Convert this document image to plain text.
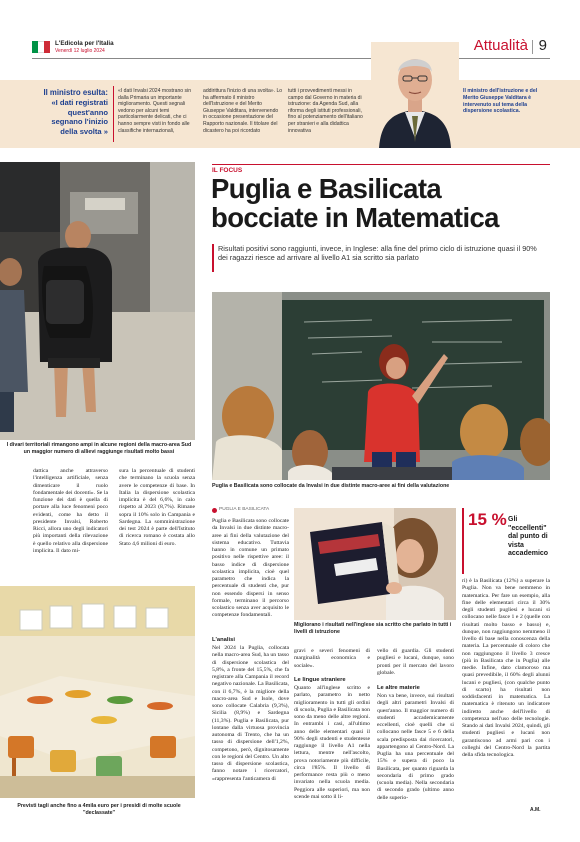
L'Edicola per l'Italia
Venerdì 12 luglio 2024	Attualità 9
Il ministro esulta:
«I dati registrati quest'anno segnano l'inizio della svolta »
«I dati Invalsi 2024 mostrano sin dalla Primaria un importante miglioramento. Questi segnali vedono per alcuni temi particolarmente delicati, che ci hanno sempre visti in fondo alle classifiche internazionali,
addirittura l'inizio di una svolta». Lo ha affermato il ministro dell'Istruzione e del Merito Giuseppe Valditara, intervenendo in occasione presentazione del Rapporto nazionale. Il titolare del dicastero ha poi ricordato
tutti i provvedimenti messi in campo dal Governo in materia di istruzione: da Agenda Sud, alla riforma degli istituti professionali, fino al potenziamento dell'italiano per stranieri e alla didattica innovativa
Il ministro dell'istruzione e del Merito Giuseppe Valditara è intervenuto sul tema della dispersione scolastica.
I divari territoriali rimangono ampi in alcune regioni della macro-area Sud un maggior numero di allievi raggiunge risultati molto bassi
IL FOCUS
Puglia e Basilicata
bocciate in Matematica
Risultati positivi sono raggiunti, invece, in Inglese: alla fine del primo ciclo di istruzione quasi il 90% dei ragazzi riesce ad arrivare al livello A1 sia scritto sia parlato
Puglia e Basilicata sono collocate da Invalsi in due distinte macro-aree ai fini della valutazione
dattica anche attraverso l'intelligenza artificiale, senza dimenticare il ruolo fondamentale dei docenti». Se la funzione dei dati è quella di portare alla luce fenomeni poco evidenti, come ha detto il presidente Invalsi, Roberto Ricci, allora uno degli indicatori più importanti della rilevazione è quello relativo alla dispersione implicita. Il dato mi-
sura la percentuale di studenti che terminano la scuola senza avere le competenze di base. In Italia la dispersione scolastica implicita è del 6,6%, in calo rispetto al 2023 (8,7%). Rimane sopra il 10% solo in Campania e Sardegna. La somministrazione dei test 2024 è parte dell'Istituto di ricerca romano è costata allo Stato 4,6 milioni di euro.
Previsti tagli anche fino a 4mila euro per i presidi di molte scuole "declassate"
PUGLIA E BASILICATA
Puglia e Basilicata sono collocate da Invalsi in due distinte macro-aree ai fini della valutazione del sistema educativo. Tuttavia hanno in comune un primato positivo nelle rispettive aree: il basso indice di dispersione scolastica implicita, cioè quel parametro che indica la percentuale di studenti che, pur non essendo dispersi in senso formale, terminano il percorso scolastico senza aver acquisito le competenze fondamentali.
L'analisi
Nel 2024 la Puglia, collocata nella macro-area Sud, ha un tasso di dispersione scolastica del 5,8%, a fronte del 15,5%, che fa registrare alla Campania il record negativo nazionale. La Basilicata, con il 6,7%, è la migliore della macro-area Sud e Isole, dove sono collocate Calabria (9,3%), Sicilia (8,9%) e Sardegna (11,3%). Puglia e Basilicata, pur lontane dalla virtuosa provincia autonoma di Trento, che ha un tasso di dispersione dell'1,2%, competono, però, dignitosamente con le regioni del Centro. Un alto tasso di dispersione scolastica, fanno notare i ricercatori, «rappresenta l'anticamera di
Migliorano i risultati nell'inglese sia scritto che parlato in tutti i livelli di istruzione
gravi e severi fenomeni di marginalità economica e sociale».
Le lingue straniere
Quanto all'inglese scritto e parlato, parametro in netto miglioramento in tutti gli ordini di scuola, Puglia e Basilicata non sono da meno delle altre regioni. In entrambi i casi, all'ultimo anno delle elementari quasi il 90% degli studenti e studentesse raggiunge il livello A1 nella lettura, mentre nell'ascolto, prova notoriamente più difficile, circa l'85%. Il livello di performance resta più o meno invariato nella scuola media. Peggiora alle superiori, ma non scende mai sotto il li-
vello di guardia. Gli studenti pugliesi e lucani, dunque, sono pronti per il mercato del lavoro globale.
Le altre materie
Non va bene, invece, sui risultati degli altri parametri Invalsi di quest'anno. Il maggior numero di studenti accademicamente eccellenti, cioè quelli che si collocano nelle fasce 5 e 6 della scala predisposta dai ricercatori, appartengono al Centro-Nord. La Puglia ha una percentuale del 15% e supera di poco la Basilicata, per quanto riguarda la secondaria di primo grado (scuola media). Nella secondaria di secondo grado (ultimo anno delle superio-
15 % Gli "eccellenti" dal punto di vista accademico
ri) è la Basilicata (12%) a superare la Puglia. Non va bene nemmeno in matematica. Per fare un esempio, alla fine delle elementari circa il 30% degli studenti pugliesi e lucani si collocano nelle fasce 1 e 2 (quelle con risultati molto basso e basso) e, dunque, non raggiungono nemmeno il livello di base nella conoscenza della materia. La percentuale di coloro che non raggiungono il livello 3 cresce (più in Basilicata che in Puglia) alle medie. Infine, dato clamoroso ma quasi prevedibile, il 60% degli alunni lucani e pugliesi, (con qualche punto di scarto) ha risultati non soddisfacenti in matematica. La matematica è ritenuto un indicatore indiretto anche dell'livello di competenza nell'uso delle tecnologie. Stando ai dati Invalsi 2024, quindi, gli studenti pugliesi e lucani non garantiscono ad armi pari con i colleghi del Centro-Nord la partita della sfida tecnologica.
A.M.
